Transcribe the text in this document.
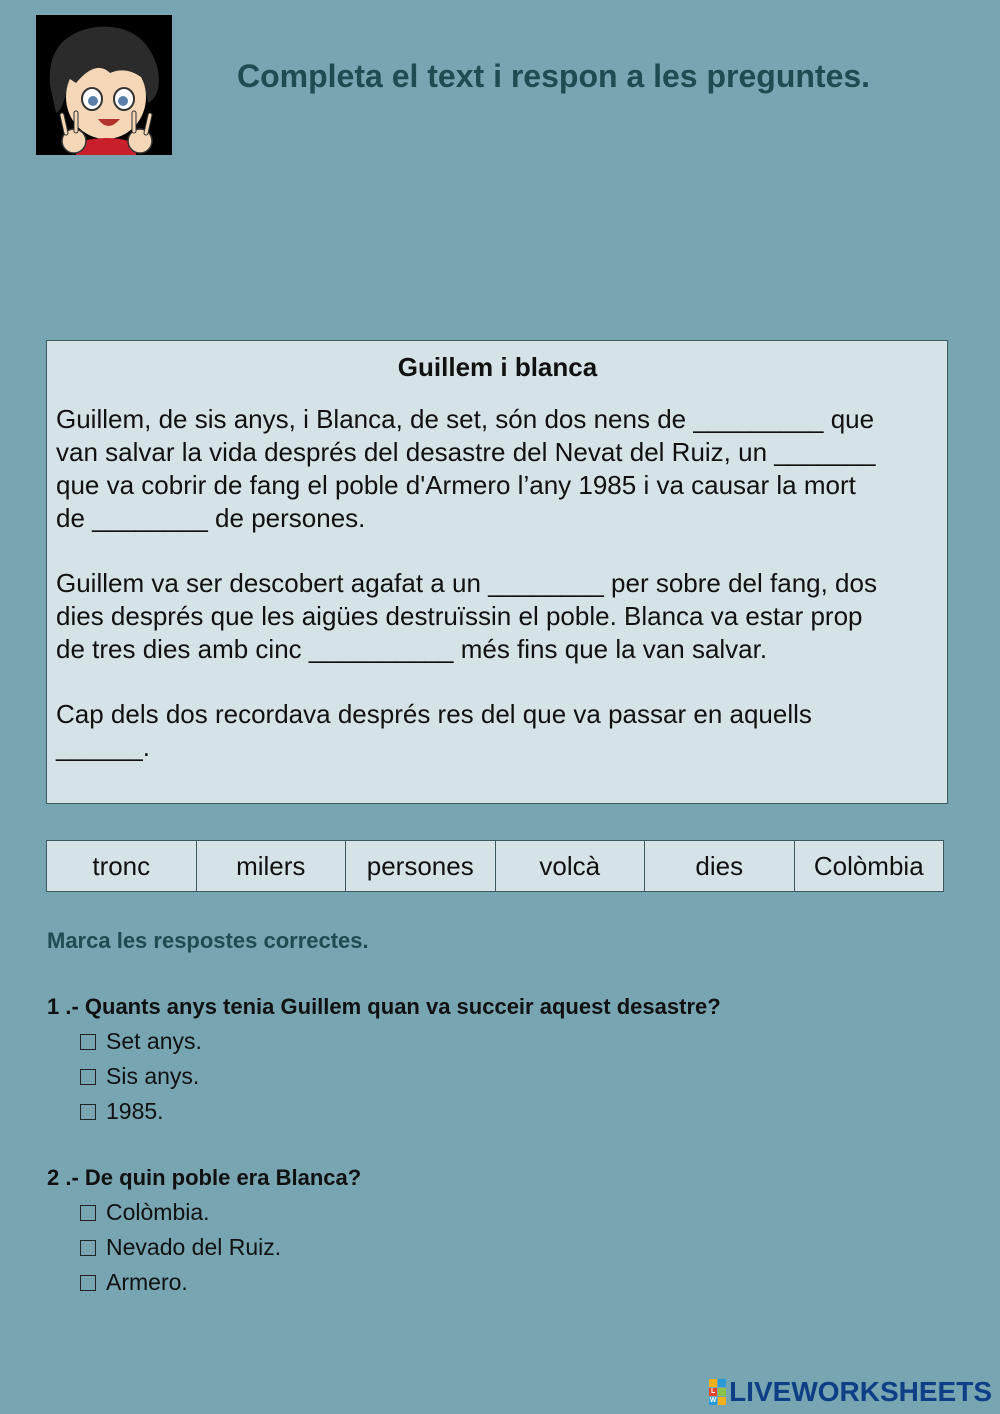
Completa el text i respon a les preguntes.
Guillem i blanca

Guillem, de sis anys, i Blanca, de set, són dos nens de _________ que
van salvar la vida després del desastre del Nevat del Ruiz, un _______
que va cobrir de fang el poble d'Armero l’any 1985 i va causar la mort
de ________ de persones.

Guillem va ser descobert agafat a un ________ per sobre del fang, dos
dies després que les aigües destruïssin el poble. Blanca va estar prop
de tres dies amb cinc __________ més fins que la van salvar.

Cap dels dos recordava després res del que va passar en aquells
______.

tronc	milers	persones	volcà	dies	Colòmbia
Marca les respostes correctes.
1 .- Quants anys tenia Guillem quan va succeir aquest desastre?
Set anys.
Sis anys.
1985.
2 .- De quin poble era Blanca?
Colòmbia.
Nevado del Ruiz.
Armero.
L
W LIVEWORKSHEETS
